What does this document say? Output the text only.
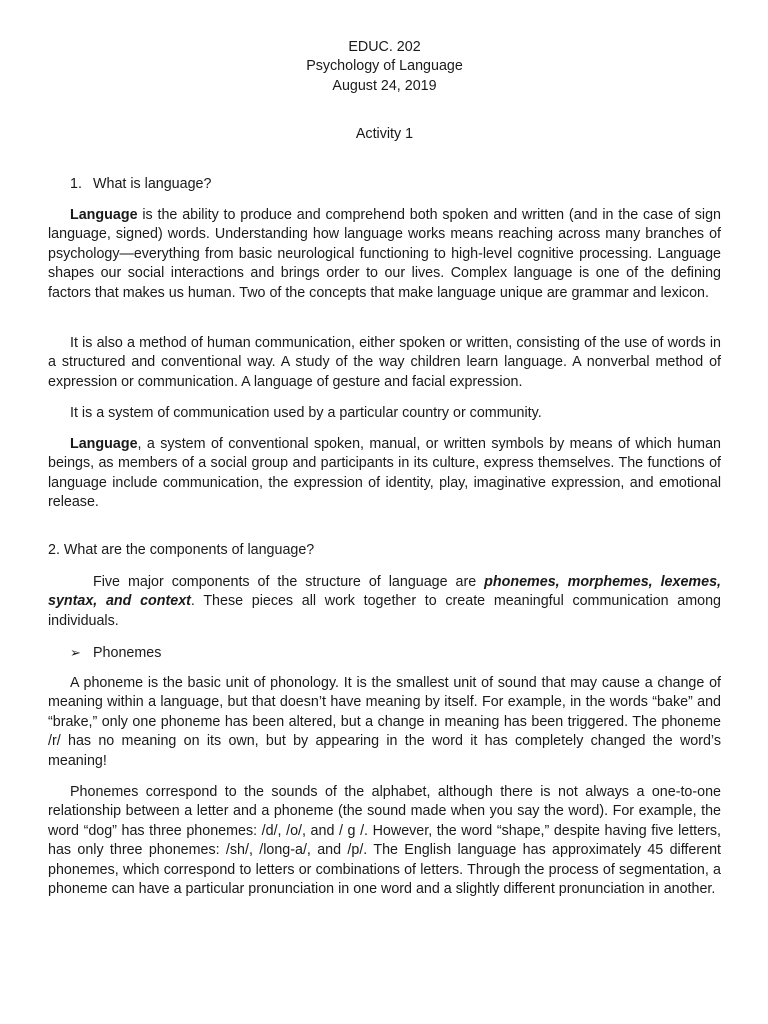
EDUC. 202
Psychology of Language
August 24, 2019
Activity 1
1. What is language?

Language is the ability to produce and comprehend both spoken and written (and in the case of sign language, signed) words. Understanding how language works means reaching across many branches of psychology—everything from basic neurological functioning to high-level cognitive processing. Language shapes our social interactions and brings order to our lives. Complex language is one of the defining factors that makes us human. Two of the concepts that make language unique are grammar and lexicon.

It is also a method of human communication, either spoken or written, consisting of the use of words in a structured and conventional way. A study of the way children learn language. A nonverbal method of expression or communication. A language of gesture and facial expression.

It is a system of communication used by a particular country or community.

Language, a system of conventional spoken, manual, or written symbols by means of which human beings, as members of a social group and participants in its culture, express themselves. The functions of language include communication, the expression of identity, play, imaginative expression, and emotional release.

2. What are the components of language?

Five major components of the structure of language are phonemes, morphemes, lexemes, syntax, and context. These pieces all work together to create meaningful communication among individuals.

➢ Phonemes

A phoneme is the basic unit of phonology. It is the smallest unit of sound that may cause a change of meaning within a language, but that doesn’t have meaning by itself. For example, in the words “bake” and “brake,” only one phoneme has been altered, but a change in meaning has been triggered. The phoneme /r/ has no meaning on its own, but by appearing in the word it has completely changed the word’s meaning!

Phonemes correspond to the sounds of the alphabet, although there is not always a one-to-one relationship between a letter and a phoneme (the sound made when you say the word). For example, the word “dog” has three phonemes: /d/, /o/, and / g /. However, the word “shape,” despite having five letters, has only three phonemes: /sh/, /long-a/, and /p/. The English language has approximately 45 different phonemes, which correspond to letters or combinations of letters. Through the process of segmentation, a phoneme can have a particular pronunciation in one word and a slightly different pronunciation in another.
